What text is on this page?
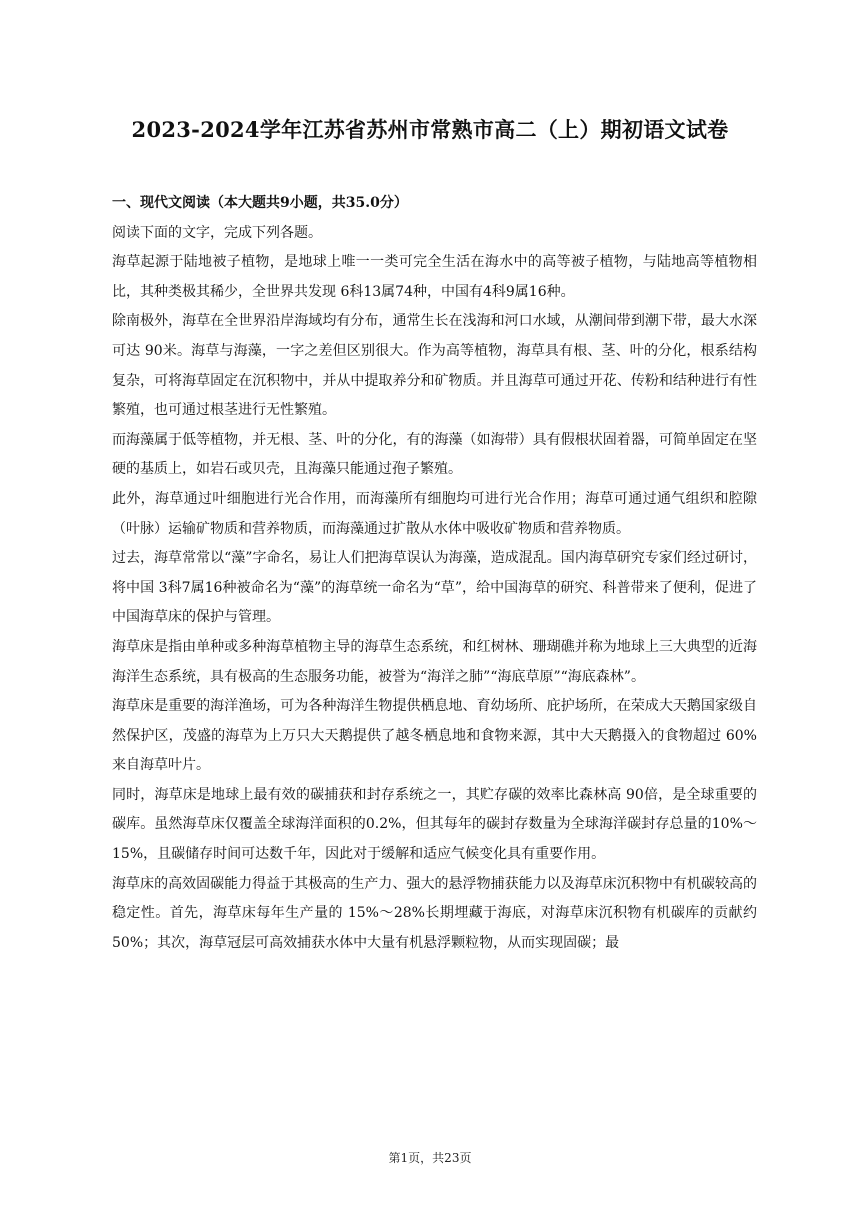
2023-2024学年江苏省苏州市常熟市高二（上）期初语文试卷

一、现代文阅读（本大题共9小题，共35.0分）

阅读下面的文字，完成下列各题。

海草起源于陆地被子植物，是地球上唯一一类可完全生活在海水中的高等被子植物，与陆地高等植物相比，其种类极其稀少，全世界共发现 6科13属74种，中国有4科9属16种。

除南极外，海草在全世界沿岸海域均有分布，通常生长在浅海和河口水域，从潮间带到潮下带，最大水深可达 90米。海草与海藻，一字之差但区别很大。作为高等植物，海草具有根、茎、叶的分化，根系结构复杂，可将海草固定在沉积物中，并从中提取养分和矿物质。并且海草可通过开花、传粉和结种进行有性繁殖，也可通过根茎进行无性繁殖。

而海藻属于低等植物，并无根、茎、叶的分化，有的海藻（如海带）具有假根状固着器，可简单固定在坚硬的基质上，如岩石或贝壳，且海藻只能通过孢子繁殖。

此外，海草通过叶细胞进行光合作用，而海藻所有细胞均可进行光合作用；海草可通过通气组织和腔隙（叶脉）运输矿物质和营养物质，而海藻通过扩散从水体中吸收矿物质和营养物质。

过去，海草常常以“藻”字命名，易让人们把海草误认为海藻，造成混乱。国内海草研究专家们经过研讨，将中国 3科7属16种被命名为“藻”的海草统一命名为“草”，给中国海草的研究、科普带来了便利，促进了中国海草床的保护与管理。

海草床是指由单种或多种海草植物主导的海草生态系统，和红树林、珊瑚礁并称为地球上三大典型的近海海洋生态系统，具有极高的生态服务功能，被誉为“海洋之肺”“海底草原”“海底森林”。

海草床是重要的海洋渔场，可为各种海洋生物提供栖息地、育幼场所、庇护场所，在荣成大天鹅国家级自然保护区，茂盛的海草为上万只大天鹅提供了越冬栖息地和食物来源，其中大天鹅摄入的食物超过 60%来自海草叶片。

同时，海草床是地球上最有效的碳捕获和封存系统之一，其贮存碳的效率比森林高 90倍，是全球重要的碳库。虽然海草床仅覆盖全球海洋面积的0.2%，但其每年的碳封存数量为全球海洋碳封存总量的10%～15%，且碳储存时间可达数千年，因此对于缓解和适应气候变化具有重要作用。

海草床的高效固碳能力得益于其极高的生产力、强大的悬浮物捕获能力以及海草床沉积物中有机碳较高的稳定性。首先，海草床每年生产量的 15%～28%长期埋藏于海底，对海草床沉积物有机碳库的贡献约50%；其次，海草冠层可高效捕获水体中大量有机悬浮颗粒物，从而实现固碳；最

第1页，共23页
